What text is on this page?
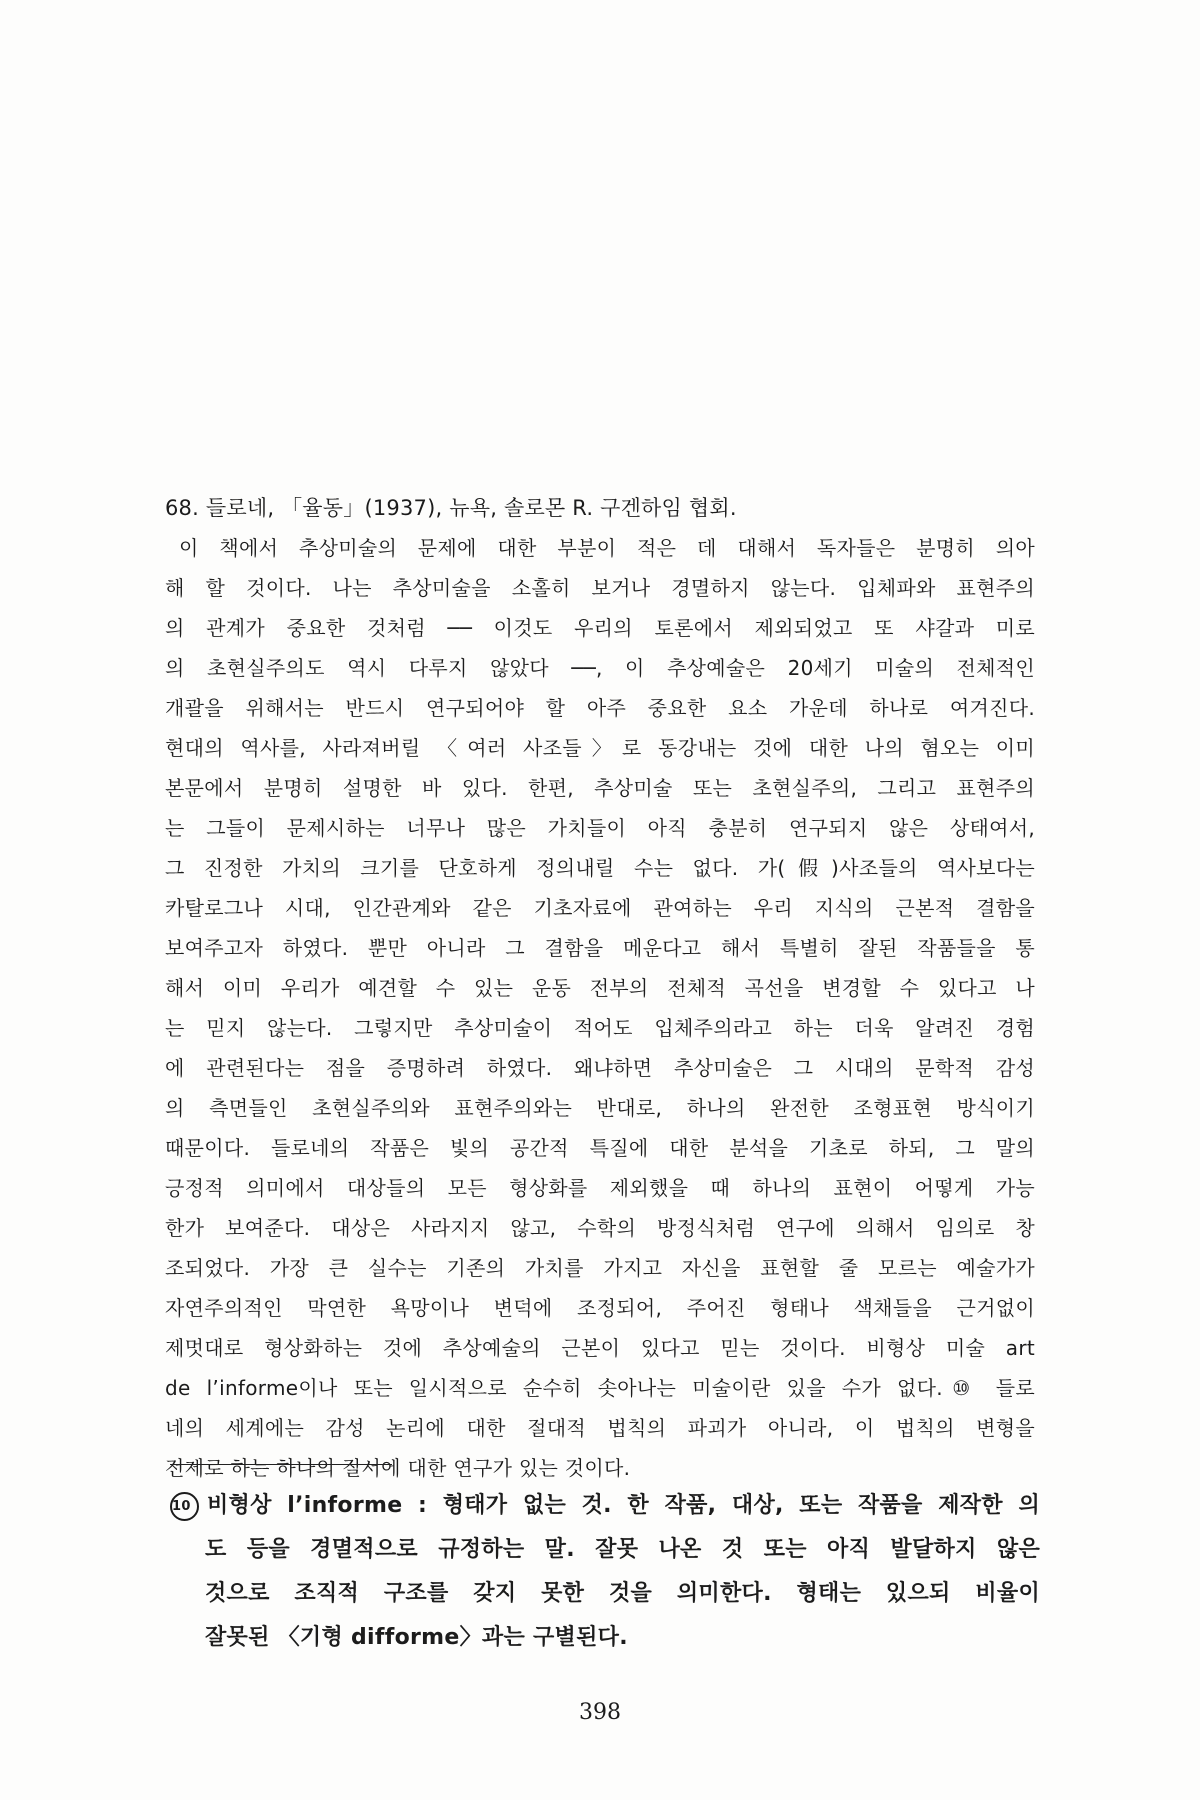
68. 들로네, 「율동」(1937), 뉴욕, 솔로몬 R. 구겐하임 협회.
이 책에서 추상미술의 문제에 대한 부분이 적은 데 대해서 독자들은 분명히 의아
해 할 것이다. 나는 추상미술을 소홀히 보거나 경멸하지 않는다. 입체파와 표현주의
의 관계가 중요한 것처럼 ── 이것도 우리의 토론에서 제외되었고 또 샤갈과 미로
의 초현실주의도 역시 다루지 않았다 ──, 이 추상예술은 20세기 미술의 전체적인
개괄을 위해서는 반드시 연구되어야 할 아주 중요한 요소 가운데 하나로 여겨진다.
현대의 역사를, 사라져버릴 〈여러 사조들〉로 동강내는 것에 대한 나의 혐오는 이미
본문에서 분명히 설명한 바 있다. 한편, 추상미술 또는 초현실주의, 그리고 표현주의
는 그들이 문제시하는 너무나 많은 가치들이 아직 충분히 연구되지 않은 상태여서,
그 진정한 가치의 크기를 단호하게 정의내릴 수는 없다. 가(假)사조들의 역사보다는
카탈로그나 시대, 인간관계와 같은 기초자료에 관여하는 우리 지식의 근본적 결함을
보여주고자 하였다. 뿐만 아니라 그 결함을 메운다고 해서 특별히 잘된 작품들을 통
해서 이미 우리가 예견할 수 있는 운동 전부의 전체적 곡선을 변경할 수 있다고 나
는 믿지 않는다. 그렇지만 추상미술이 적어도 입체주의라고 하는 더욱 알려진 경험
에 관련된다는 점을 증명하려 하였다. 왜냐하면 추상미술은 그 시대의 문학적 감성
의 측면들인 초현실주의와 표현주의와는 반대로, 하나의 완전한 조형표현 방식이기
때문이다. 들로네의 작품은 빛의 공간적 특질에 대한 분석을 기초로 하되, 그 말의
긍정적 의미에서 대상들의 모든 형상화를 제외했을 때 하나의 표현이 어떻게 가능
한가 보여준다. 대상은 사라지지 않고, 수학의 방정식처럼 연구에 의해서 임의로 창
조되었다. 가장 큰 실수는 기존의 가치를 가지고 자신을 표현할 줄 모르는 예술가가
자연주의적인 막연한 욕망이나 변덕에 조정되어, 주어진 형태나 색채들을 근거없이
제멋대로 형상화하는 것에 추상예술의 근본이 있다고 믿는 것이다. 비형상 미술 art
de l’informe이나 또는 일시적으로 순수히 솟아나는 미술이란 있을 수가 없다.⑩ 들로
네의 세계에는 감성 논리에 대한 절대적 법칙의 파괴가 아니라, 이 법칙의 변형을
전제로 하는 하나의 질서에 대한 연구가 있는 것이다.
10 비형상 l’informe : 형태가 없는 것. 한 작품, 대상, 또는 작품을 제작한 의
도 등을 경멸적으로 규정하는 말. 잘못 나온 것 또는 아직 발달하지 않은
것으로 조직적 구조를 갖지 못한 것을 의미한다. 형태는 있으되 비율이
잘못된 〈기형 difforme〉과는 구별된다.
398
